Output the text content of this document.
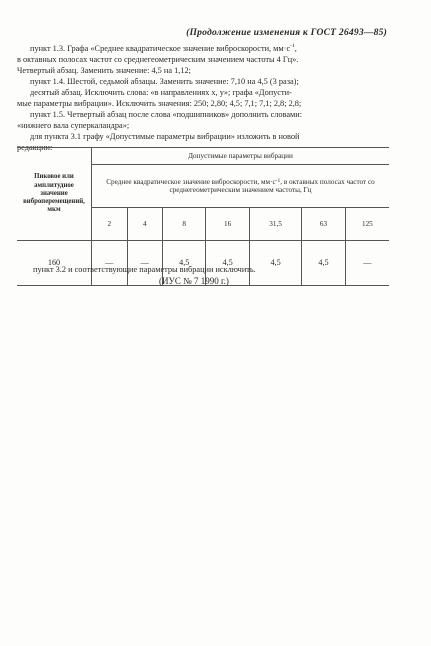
(Продолжение изменения к ГОСТ 26493—85)
пункт 1.3. Графа «Среднее квадратическое значение виброскорости, $мм\cdot с^{-1}$,
в октавных полосах частот со среднегеометрическим значением частоты 4 Гц».
Четвертый абзац. Заменить значение: 4,5 на 1,12;
пункт 1.4. Шестой, седьмой абзацы. Заменить значение: 7,10 на 4,5 (3 раза);
десятый абзац. Исключить слова: «в направлениях x, y»; графа «Допусти-
мые параметры вибрации». Исключить значения: 250; 2,80; 4,5; 7,1; 7,1; 2,8; 2,8;
пункт 1.5. Четвертый абзац после слова «подшипников» дополнить словами:
«нижнего вала суперкаландра»;
для пункта 3.1 графу «Допустимые параметры вибрации» изложить в новой
редакции:
Пиковое или амплитудное значение виброперемещений, мкм	Допустимые параметры вибрации						
	Среднее квадратическое значение виброскорости, $мм\cdot с^{-1}$, в октавных полосах частот со среднегеометрическим значением частоты, Гц						
	2	4	8	16	31,5	63	125
160	—	—	4,5	4,5	4,5	4,5	—
пункт 3.2 и соответствующие параметры вибрации исключить.
(ИУС № 7 1990 г.)
